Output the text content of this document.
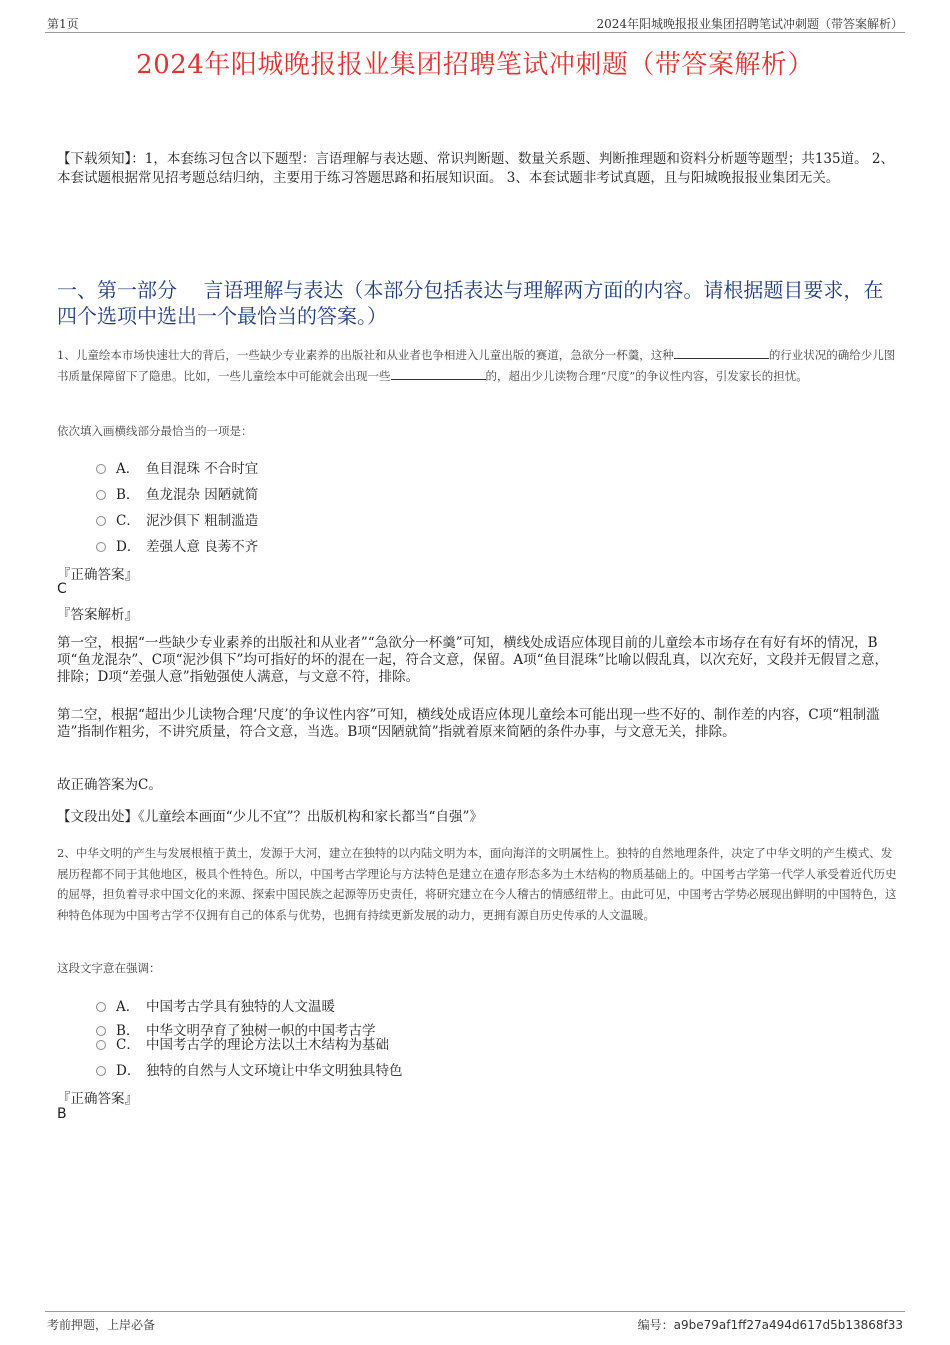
第1页	2024年阳城晚报报业集团招聘笔试冲刺题（带答案解析）
2024年阳城晚报报业集团招聘笔试冲刺题（带答案解析）
【下载须知】：1，本套练习包含以下题型：言语理解与表达题、常识判断题、数量关系题、判断推理题和资料分析题等题型；共135道。 2、本套试题根据常见招考题总结归纳，主要用于练习答题思路和拓展知识面。 3、本套试题非考试真题，且与阳城晚报报业集团无关。
一、第一部分　 言语理解与表达（本部分包括表达与理解两方面的内容。请根据题目要求，在四个选项中选出一个最恰当的答案。）
1、儿童绘本市场快速壮大的背后，一些缺少专业素养的出版社和从业者也争相进入儿童出版的赛道，急欲分一杯羹，这种	的行业状况的确给少儿图书质量保障留下了隐患。比如，一些儿童绘本中可能就会出现一些	的，超出少儿读物合理“尺度”的争议性内容，引发家长的担忧。
依次填入画横线部分最恰当的一项是：
A． 鱼目混珠 不合时宜
B． 鱼龙混杂 因陋就简
C． 泥沙俱下 粗制滥造
D． 差强人意 良莠不齐
『正确答案』
C
『答案解析』
第一空，根据“一些缺少专业素养的出版社和从业者”“急欲分一杯羹”可知，横线处成语应体现目前的儿童绘本市场存在有好有坏的情况，B项“鱼龙混杂”、C项“泥沙俱下”均可指好的坏的混在一起，符合文意，保留。A项“鱼目混珠”比喻以假乱真，以次充好，文段并无假冒之意，排除；D项“差强人意”指勉强使人满意，与文意不符，排除。
第二空，根据“超出少儿读物合理‘尺度’的争议性内容”可知，横线处成语应体现儿童绘本可能出现一些不好的、制作差的内容，C项“粗制滥造”指制作粗劣，不讲究质量，符合文意，当选。B项“因陋就简”指就着原来简陋的条件办事，与文意无关，排除。
故正确答案为C。
【文段出处】《儿童绘本画面“少儿不宜”？出版机构和家长都当“自强”》
2、中华文明的产生与发展根植于黄土，发源于大河，建立在独特的以内陆文明为本，面向海洋的文明属性上。独特的自然地理条件，决定了中华文明的产生模式、发展历程都不同于其他地区，极具个性特色。所以，中国考古学理论与方法特色是建立在遗存形态多为土木结构的物质基础上的。中国考古学第一代学人承受着近代历史的屈辱，担负着寻求中国文化的来源、探索中国民族之起源等历史责任，将研究建立在今人稽古的情感纽带上。由此可见，中国考古学势必展现出鲜明的中国特色，这种特色体现为中国考古学不仅拥有自己的体系与优势，也拥有持续更新发展的动力，更拥有源自历史传承的人文温暖。
这段文字意在强调：
A． 中国考古学具有独特的人文温暖
B． 中华文明孕育了独树一帜的中国考古学
C． 中国考古学的理论方法以土木结构为基础
D． 独特的自然与人文环境让中华文明独具特色
『正确答案』
B
考前押题，上岸必备	编号：a9be79af1ff27a494d617d5b13868f33
